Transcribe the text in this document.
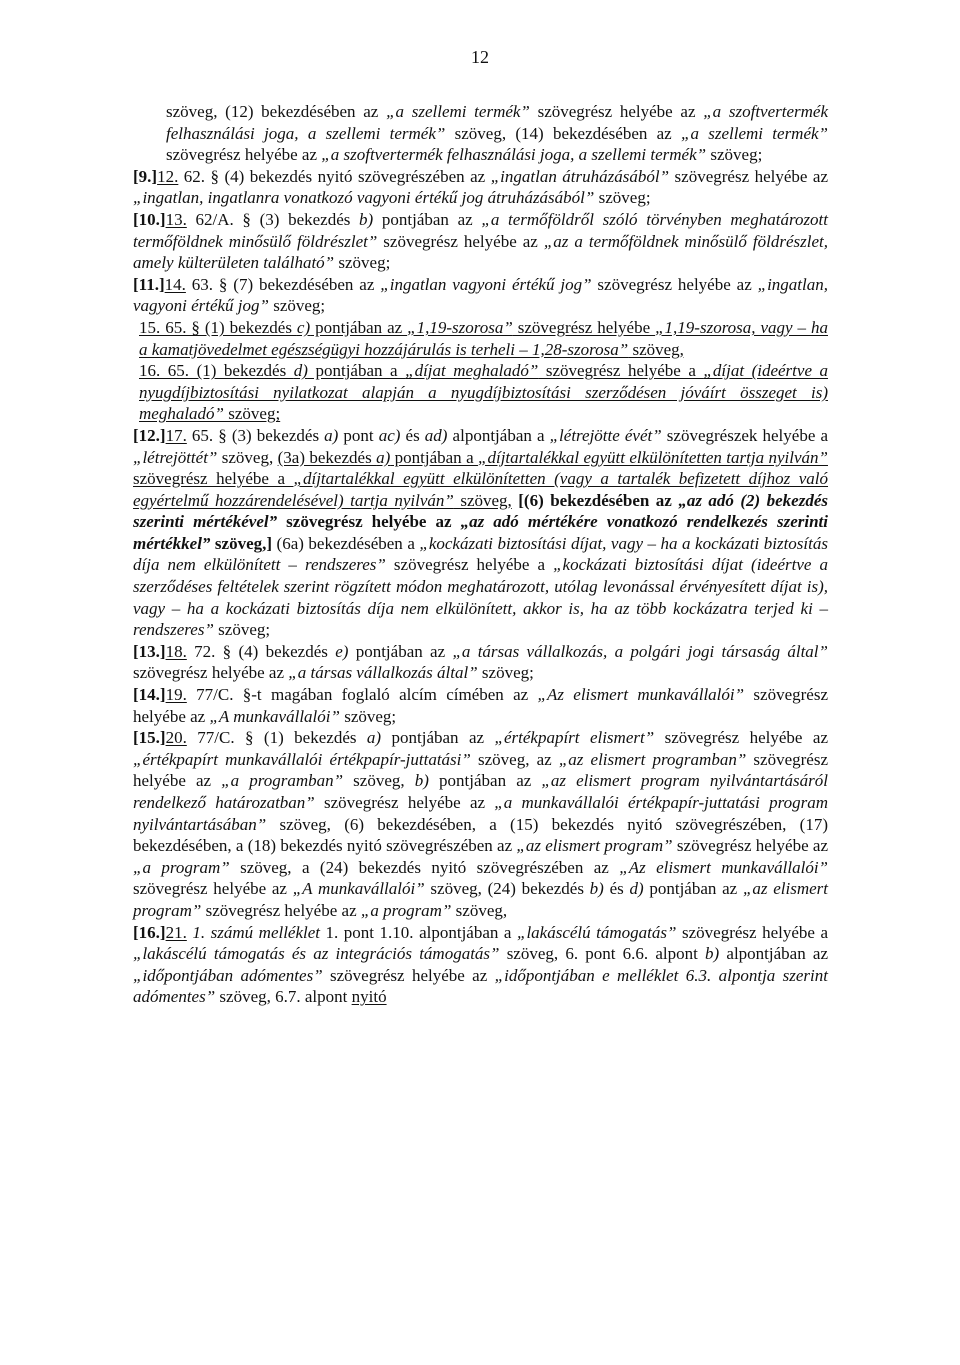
12

szöveg, (12) bekezdésében az „a szellemi termék” szövegrész helyébe az „a szoftvertermék felhasználási joga, a szellemi termék” szöveg, (14) bekezdésében az „a szellemi termék” szövegrész helyébe az „a szoftvertermék felhasználási joga, a szellemi termék” szöveg;

[9.]12. 62. § (4) bekezdés nyitó szövegrészében az „ingatlan átruházásából” szövegrész helyébe az „ingatlan, ingatlanra vonatkozó vagyoni értékű jog átruházásából” szöveg;

[10.]13. 62/A. § (3) bekezdés b) pontjában az „a termőföldről szóló törvényben meghatározott termőföldnek minősülő földrészlet” szövegrész helyébe az „az a termőföldnek minősülő földrészlet, amely külterületen található” szöveg;

[11.]14. 63. § (7) bekezdésében az „ingatlan vagyoni értékű jog” szövegrész helyébe az „ingatlan, vagyoni értékű jog” szöveg;

15. 65. § (1) bekezdés c) pontjában az „1,19-szorosa” szövegrész helyébe „1,19-szorosa, vagy – ha a kamatjövedelmet egészségügyi hozzájárulás is terheli – 1,28-szorosa” szöveg,

16. 65. (1) bekezdés d) pontjában a „díjat meghaladó” szövegrész helyébe a „díjat (ideértve a nyugdíjbiztosítási nyilatkozat alapján a nyugdíjbiztosítási szerződésen jóváírt összeget is) meghaladó” szöveg;

[12.]17. 65. § (3) bekezdés a) pont ac) és ad) alpontjában a „létrejötte évét” szövegrészek helyébe a „létrejöttét” szöveg, (3a) bekezdés a) pontjában a „díjtartalékkal együtt elkülönítetten tartja nyilván” szövegrész helyébe a „díjtartalékkal együtt elkülönítetten (vagy a tartalék befizetett díjhoz való egyértelmű hozzárendelésével) tartja nyilván” szöveg, [(6) bekezdésében az „az adó (2) bekezdés szerinti mértékével” szövegrész helyébe az „az adó mértékére vonatkozó rendelkezés szerinti mértékkel” szöveg,] (6a) bekezdésében a „kockázati biztosítási díjat, vagy – ha a kockázati biztosítás díja nem elkülönített – rendszeres” szövegrész helyébe a „kockázati biztosítási díjat (ideértve a szerződéses feltételek szerint rögzített módon meghatározott, utólag levonással érvényesített díjat is), vagy – ha a kockázati biztosítás díja nem elkülönített, akkor is, ha az több kockázatra terjed ki – rendszeres” szöveg;

[13.]18. 72. § (4) bekezdés e) pontjában az „a társas vállalkozás, a polgári jogi társaság által” szövegrész helyébe az „a társas vállalkozás által” szöveg;

[14.]19. 77/C. §-t magában foglaló alcím címében az „Az elismert munkavállalói” szövegrész helyébe az „A munkavállalói” szöveg;

[15.]20. 77/C. § (1) bekezdés a) pontjában az „értékpapírt elismert” szövegrész helyébe az „értékpapírt munkavállalói értékpapír-juttatási” szöveg, az „az elismert programban” szövegrész helyébe az „a programban” szöveg, b) pontjában az „az elismert program nyilvántartásáról rendelkező határozatban” szövegrész helyébe az „a munkavállalói értékpapír-juttatási program nyilvántartásában” szöveg, (6) bekezdésében, a (15) bekezdés nyitó szövegrészében, (17) bekezdésében, a (18) bekezdés nyitó szövegrészében az „az elismert program” szövegrész helyébe az „a program” szöveg, a (24) bekezdés nyitó szövegrészében az „Az elismert munkavállalói” szövegrész helyébe az „A munkavállalói” szöveg, (24) bekezdés b) és d) pontjában az „az elismert program” szövegrész helyébe az „a program” szöveg,

[16.]21. 1. számú melléklet 1. pont 1.10. alpontjában a „lakáscélú támogatás” szövegrész helyébe a „lakáscélú támogatás és az integrációs támogatás” szöveg, 6. pont 6.6. alpont b) alpontjában az „időpontjában adómentes” szövegrész helyébe az „időpontjában e melléklet 6.3. alpontja szerint adómentes” szöveg, 6.7. alpont nyitó
